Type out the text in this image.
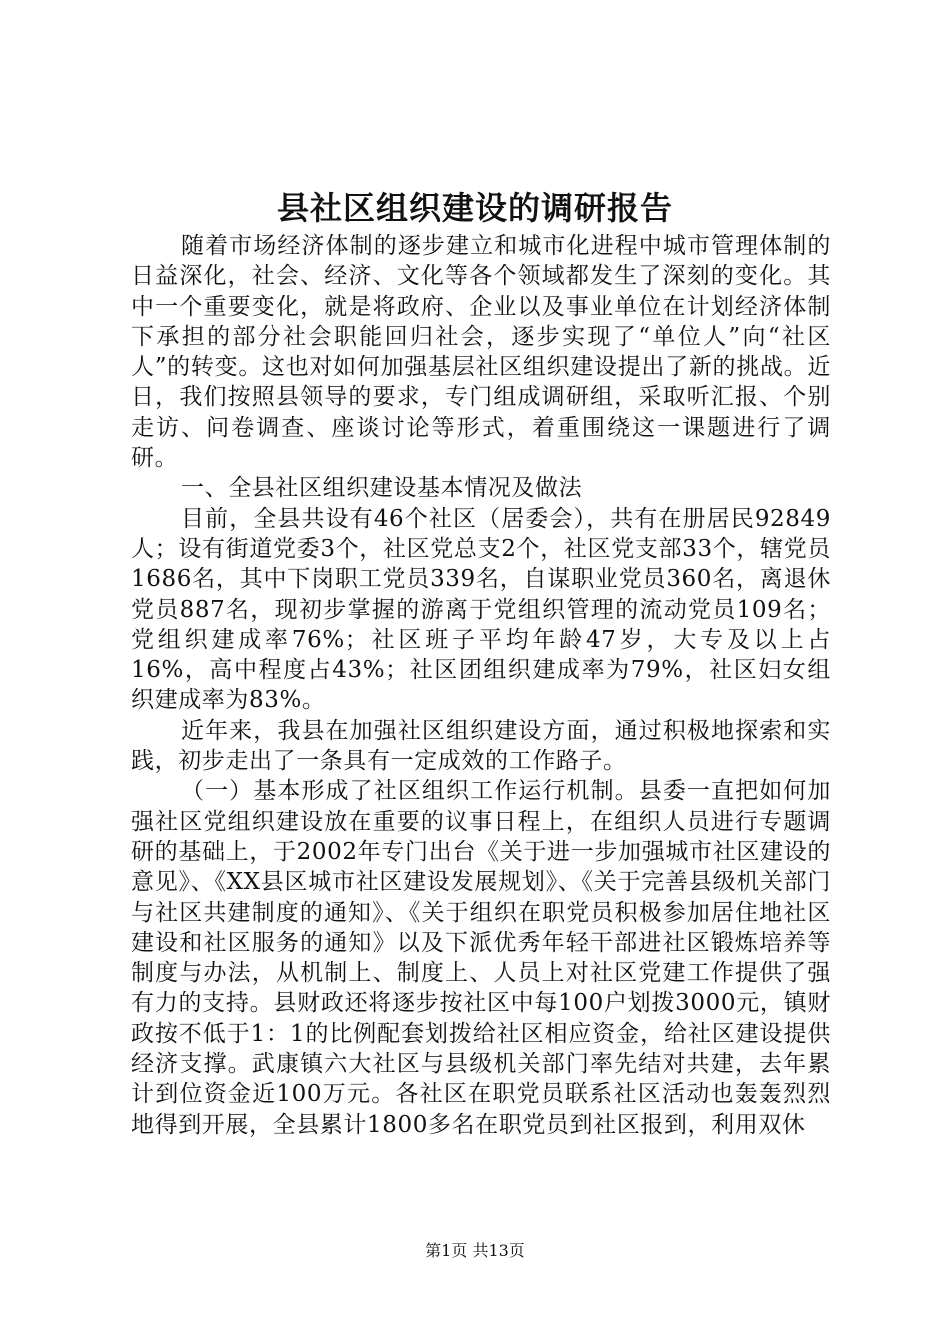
县社区组织建设的调研报告

随着市场经济体制的逐步建立和城市化进程中城市管理体制的日益深化，社会、经济、文化等各个领域都发生了深刻的变化。其中一个重要变化，就是将政府、企业以及事业单位在计划经济体制下承担的部分社会职能回归社会，逐步实现了“单位人”向“社区人”的转变。这也对如何加强基层社区组织建设提出了新的挑战。近日，我们按照县领导的要求，专门组成调研组，采取听汇报、个别走访、问卷调查、座谈讨论等形式，着重围绕这一课题进行了调研。

一、全县社区组织建设基本情况及做法

目前，全县共设有46个社区（居委会），共有在册居民92849人；设有街道党委3个，社区党总支2个，社区党支部33个，辖党员1686名，其中下岗职工党员339名，自谋职业党员360名，离退休党员887名，现初步掌握的游离于党组织管理的流动党员109名；党组织建成率76%；社区班子平均年龄47岁，大专及以上占16%，高中程度占43%；社区团组织建成率为79%，社区妇女组织建成率为83%。

近年来，我县在加强社区组织建设方面，通过积极地探索和实践，初步走出了一条具有一定成效的工作路子。

（一）基本形成了社区组织工作运行机制。县委一直把如何加强社区党组织建设放在重要的议事日程上，在组织人员进行专题调研的基础上，于2002年专门出台《关于进一步加强城市社区建设的意见》、《XX县区城市社区建设发展规划》、《关于完善县级机关部门与社区共建制度的通知》、《关于组织在职党员积极参加居住地社区建设和社区服务的通知》以及下派优秀年轻干部进社区锻炼培养等制度与办法，从机制上、制度上、人员上对社区党建工作提供了强有力的支持。县财政还将逐步按社区中每100户划拨3000元，镇财政按不低于1：1的比例配套划拨给社区相应资金，给社区建设提供经济支撑。武康镇六大社区与县级机关部门率先结对共建，去年累计到位资金近100万元。各社区在职党员联系社区活动也轰轰烈烈地得到开展，全县累计1800多名在职党员到社区报到，利用双休

第1页 共13页
